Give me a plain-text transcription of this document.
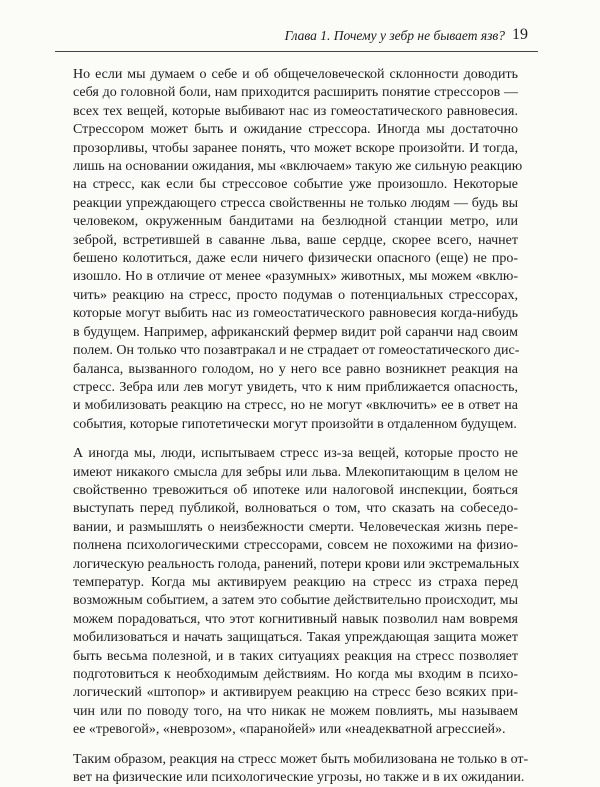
Глава 1. Почему у зебр не бывает язв? 19

Но если мы думаем о себе и об общечеловеческой склонности доводить
себя до головной боли, нам приходится расширить понятие стрессоров —
всех тех вещей, которые выбивают нас из гомеостатического равновесия.
Стрессором может быть и ожидание стрессора. Иногда мы достаточно
прозорливы, чтобы заранее понять, что может вскоре произойти. И тогда,
лишь на основании ожидания, мы «включаем» такую же сильную реакцию
на стресс, как если бы стрессовое событие уже произошло. Некоторые
реакции упреждающего стресса свойственны не только людям — будь вы
человеком, окруженным бандитами на безлюдной станции метро, или
зеброй, встретившей в саванне льва, ваше сердце, скорее всего, начнет
бешено колотиться, даже если ничего физически опасного (еще) не про-
изошло. Но в отличие от менее «разумных» животных, мы можем «вклю-
чить» реакцию на стресс, просто подумав о потенциальных стрессорах,
которые могут выбить нас из гомеостатического равновесия когда-нибудь
в будущем. Например, африканский фермер видит рой саранчи над своим
полем. Он только что позавтракал и не страдает от гомеостатического дис-
баланса, вызванного голодом, но у него все равно возникнет реакция на
стресс. Зебра или лев могут увидеть, что к ним приближается опасность,
и мобилизовать реакцию на стресс, но не могут «включить» ее в ответ на
события, которые гипотетически могут произойти в отдаленном будущем.

А иногда мы, люди, испытываем стресс из-за вещей, которые просто не
имеют никакого смысла для зебры или льва. Млекопитающим в целом не
свойственно тревожиться об ипотеке или налоговой инспекции, бояться
выступать перед публикой, волноваться о том, что сказать на собеседо-
вании, и размышлять о неизбежности смерти. Человеческая жизнь пере-
полнена психологическими стрессорами, совсем не похожими на физио-
логическую реальность голода, ранений, потери крови или экстремальных
температур. Когда мы активируем реакцию на стресс из страха перед
возможным событием, а затем это событие действительно происходит, мы
можем порадоваться, что этот когнитивный навык позволил нам вовремя
мобилизоваться и начать защищаться. Такая упреждающая защита может
быть весьма полезной, и в таких ситуациях реакция на стресс позволяет
подготовиться к необходимым действиям. Но когда мы входим в психо-
логический «штопор» и активируем реакцию на стресс безо всяких при-
чин или по поводу того, на что никак не можем повлиять, мы называем
ее «тревогой», «неврозом», «паранойей» или «неадекватной агрессией».

Таким образом, реакция на стресс может быть мобилизована не только в от-
вет на физические или психологические угрозы, но также и в их ожидании.
